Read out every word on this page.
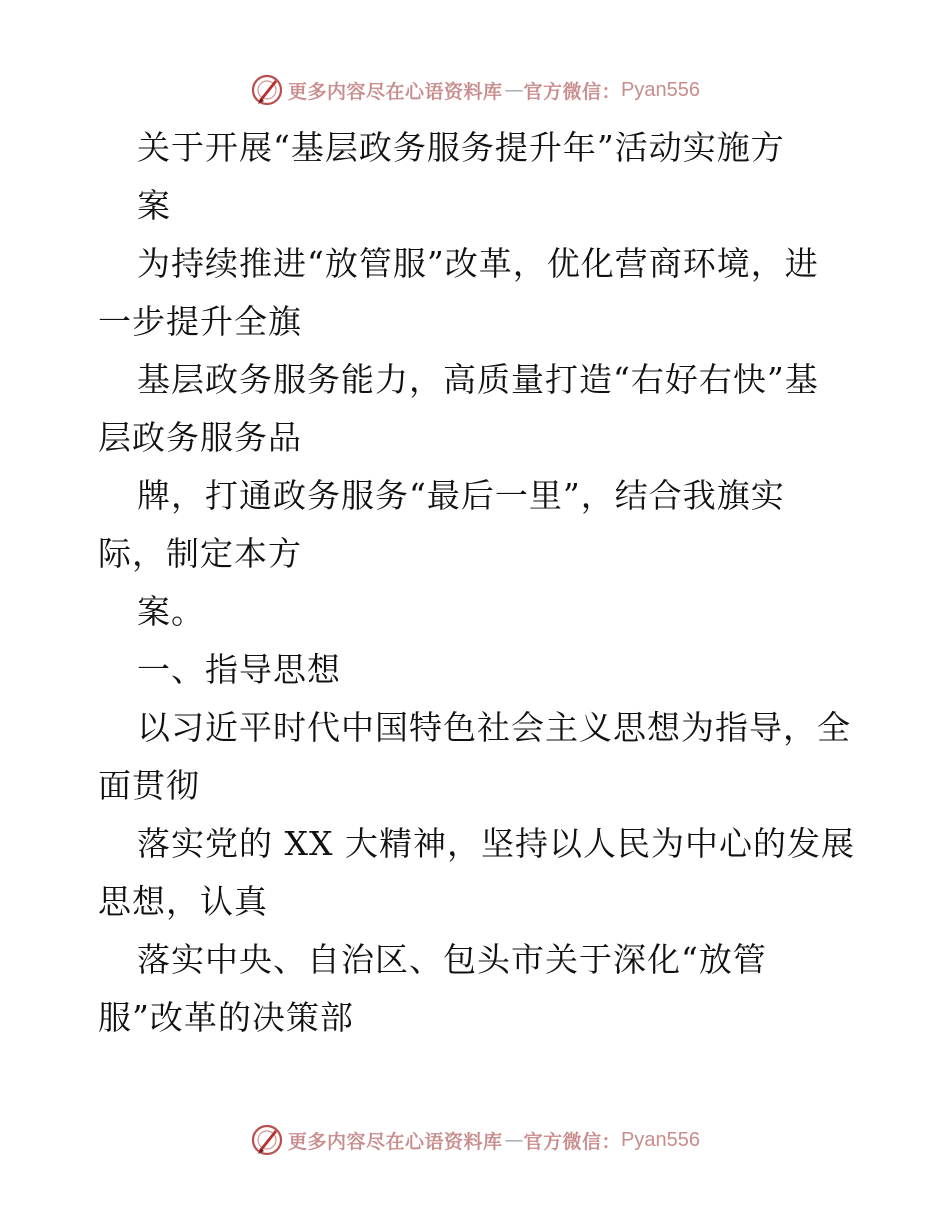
更多内容尽在心语资料库 — 官方微信： Pyan556
关于开展“基层政务服务提升年”活动实施方
案
为持续推进“放管服”改革，优化营商环境，进
一步提升全旗
基层政务服务能力，高质量打造“右好右快”基
层政务服务品
牌，打通政务服务“最后一里”，结合我旗实
际，制定本方
案。
一、指导思想
以习近平时代中国特色社会主义思想为指导，全
面贯彻
落实党的 XX 大精神，坚持以人民为中心的发展
思想，认真
落实中央、自治区、包头市关于深化“放管
服”改革的决策部
更多内容尽在心语资料库 — 官方微信： Pyan556
